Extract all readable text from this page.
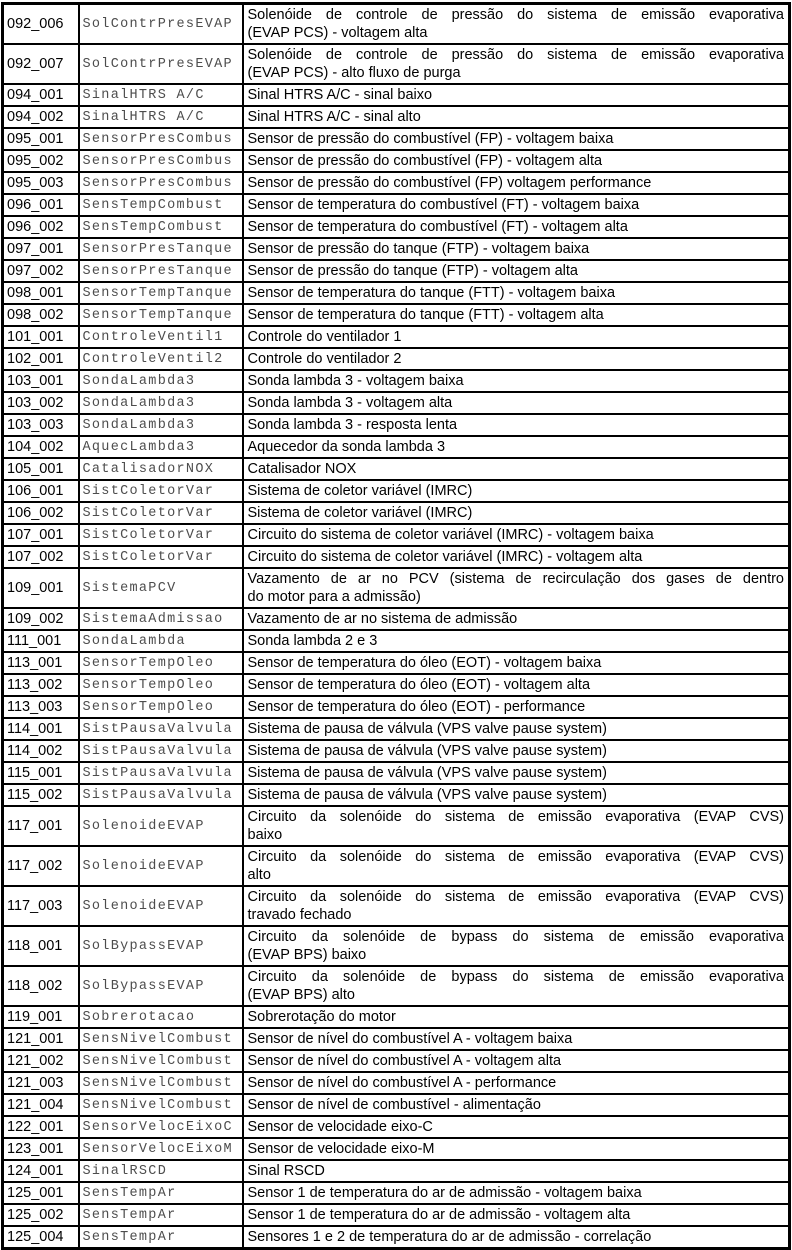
092_006	SolContrPresEVAP	Solenóide de controle de pressão do sistema de emissão evaporativa
(EVAP PCS) - voltagem alta

092_007	SolContrPresEVAP	Solenóide de controle de pressão do sistema de emissão evaporativa
(EVAP PCS) - alto fluxo de purga

094_001	SinalHTRS A/C	Sinal HTRS A/C - sinal baixo

094_002	SinalHTRS A/C	Sinal HTRS A/C - sinal alto

095_001	SensorPresCombus	Sensor de pressão do combustível (FP) - voltagem baixa

095_002	SensorPresCombus	Sensor de pressão do combustível (FP) - voltagem alta

095_003	SensorPresCombus	Sensor de pressão do combustível (FP) voltagem performance

096_001	SensTempCombust	Sensor de temperatura do combustível (FT) - voltagem baixa

096_002	SensTempCombust	Sensor de temperatura do combustível (FT) - voltagem alta

097_001	SensorPresTanque	Sensor de pressão do tanque (FTP) - voltagem baixa

097_002	SensorPresTanque	Sensor de pressão do tanque (FTP) - voltagem alta

098_001	SensorTempTanque	Sensor de temperatura do tanque (FTT) - voltagem baixa

098_002	SensorTempTanque	Sensor de temperatura do tanque (FTT) - voltagem alta

101_001	ControleVentil1	Controle do ventilador 1

102_001	ControleVentil2	Controle do ventilador 2

103_001	SondaLambda3	Sonda lambda 3 - voltagem baixa

103_002	SondaLambda3	Sonda lambda 3 - voltagem alta

103_003	SondaLambda3	Sonda lambda 3 - resposta lenta

104_002	AquecLambda3	Aquecedor da sonda lambda 3

105_001	CatalisadorNOX	Catalisador NOX

106_001	SistColetorVar	Sistema de coletor variável (IMRC)

106_002	SistColetorVar	Sistema de coletor variável (IMRC)

107_001	SistColetorVar	Circuito do sistema de coletor variável (IMRC) - voltagem baixa

107_002	SistColetorVar	Circuito do sistema de coletor variável (IMRC) - voltagem alta

109_001	SistemaPCV	Vazamento de ar no PCV (sistema de recirculação dos gases de dentro
do motor para a admissão)

109_002	SistemaAdmissao	Vazamento de ar no sistema de admissão

111_001	SondaLambda	Sonda lambda 2 e 3

113_001	SensorTempOleo	Sensor de temperatura do óleo (EOT) - voltagem baixa

113_002	SensorTempOleo	Sensor de temperatura do óleo (EOT) - voltagem alta

113_003	SensorTempOleo	Sensor de temperatura do óleo (EOT) - performance

114_001	SistPausaValvula	Sistema de pausa de válvula (VPS valve pause system)

114_002	SistPausaValvula	Sistema de pausa de válvula (VPS valve pause system)

115_001	SistPausaValvula	Sistema de pausa de válvula (VPS valve pause system)

115_002	SistPausaValvula	Sistema de pausa de válvula (VPS valve pause system)

117_001	SolenoideEVAP	Circuito da solenóide do sistema de emissão evaporativa (EVAP CVS)
baixo

117_002	SolenoideEVAP	Circuito da solenóide do sistema de emissão evaporativa (EVAP CVS)
alto

117_003	SolenoideEVAP	Circuito da solenóide do sistema de emissão evaporativa (EVAP CVS)
travado fechado

118_001	SolBypassEVAP	Circuito da solenóide de bypass do sistema de emissão evaporativa
(EVAP BPS) baixo

118_002	SolBypassEVAP	Circuito da solenóide de bypass do sistema de emissão evaporativa
(EVAP BPS) alto

119_001	Sobrerotacao	Sobrerotação do motor

121_001	SensNivelCombust	Sensor de nível do combustível A - voltagem baixa

121_002	SensNivelCombust	Sensor de nível do combustível A - voltagem alta

121_003	SensNivelCombust	Sensor de nível do combustível A - performance

121_004	SensNivelCombust	Sensor de nível de combustível - alimentação

122_001	SensorVelocEixoC	Sensor de velocidade eixo-C

123_001	SensorVelocEixoM	Sensor de velocidade eixo-M

124_001	SinalRSCD	Sinal RSCD

125_001	SensTempAr	Sensor 1 de temperatura do ar de admissão - voltagem baixa

125_002	SensTempAr	Sensor 1 de temperatura do ar de admissão - voltagem alta

125_004	SensTempAr	Sensores 1 e 2 de temperatura do ar de admissão - correlação
